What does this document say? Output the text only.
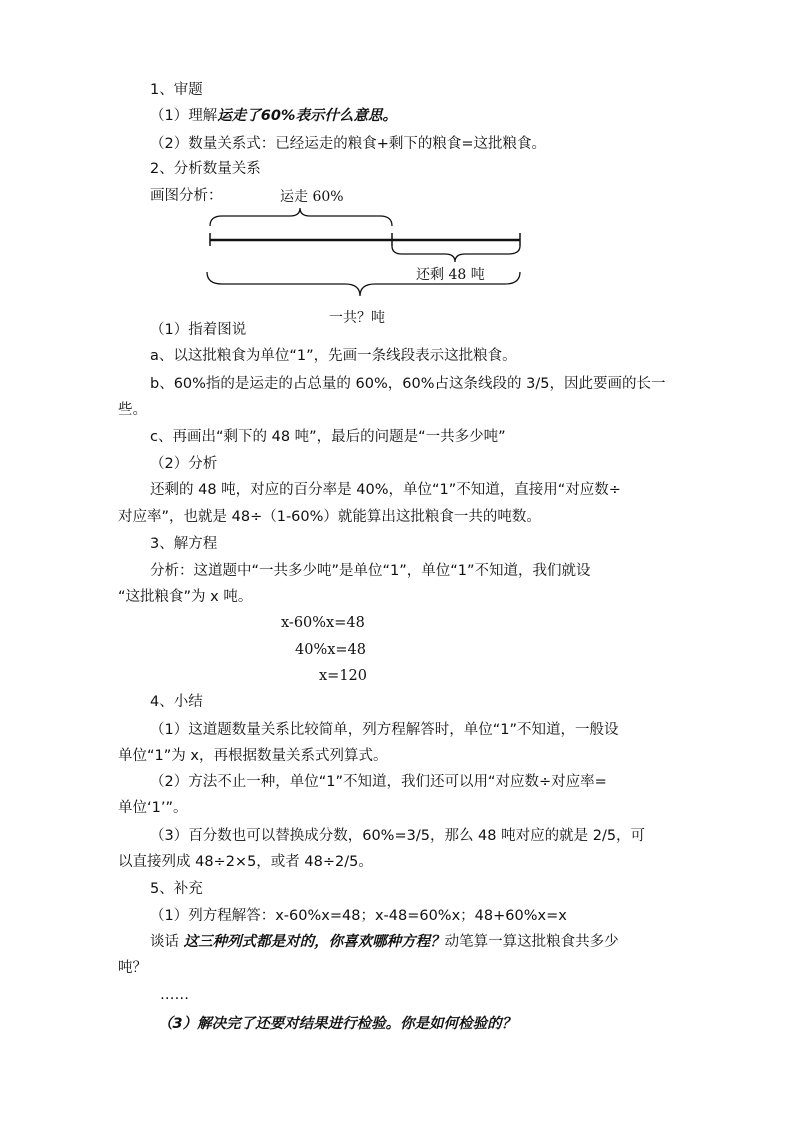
1、审题
（1）理解运走了60%表示什么意思。
（2）数量关系式：已经运走的粮食+剩下的粮食=这批粮食。
2、分析数量关系
画图分析：	运走 60%
还剩 48 吨
一共？吨
（1）指着图说
a、以这批粮食为单位“1”，先画一条线段表示这批粮食。
b、60%指的是运走的占总量的 60%，60%占这条线段的 3/5，因此要画的长一
些。
c、再画出“剩下的 48 吨”，最后的问题是“一共多少吨”
（2）分析
还剩的 48 吨，对应的百分率是 40%，单位“1”不知道，直接用“对应数÷
对应率”，也就是 48÷（1-60%）就能算出这批粮食一共的吨数。
3、解方程
分析：这道题中“一共多少吨”是单位“1”，单位“1”不知道，我们就设
“这批粮食”为 x 吨。
x-60%x=48
40%x=48
x=120
4、小结
（1）这道题数量关系比较简单，列方程解答时，单位“1”不知道，一般设
单位“1”为 x，再根据数量关系式列算式。
（2）方法不止一种，单位“1”不知道，我们还可以用“对应数÷对应率=
单位‘1’”。
（3）百分数也可以替换成分数，60%=3/5，那么 48 吨对应的就是 2/5，可
以直接列成 48÷2×5，或者 48÷2/5。
5、补充
（1）列方程解答：x-60%x=48；x-48=60%x；48+60%x=x
谈话 这三种列式都是对的，你喜欢哪种方程？动笔算一算这批粮食共多少
吨？
……
（3）解决完了还要对结果进行检验。你是如何检验的？
